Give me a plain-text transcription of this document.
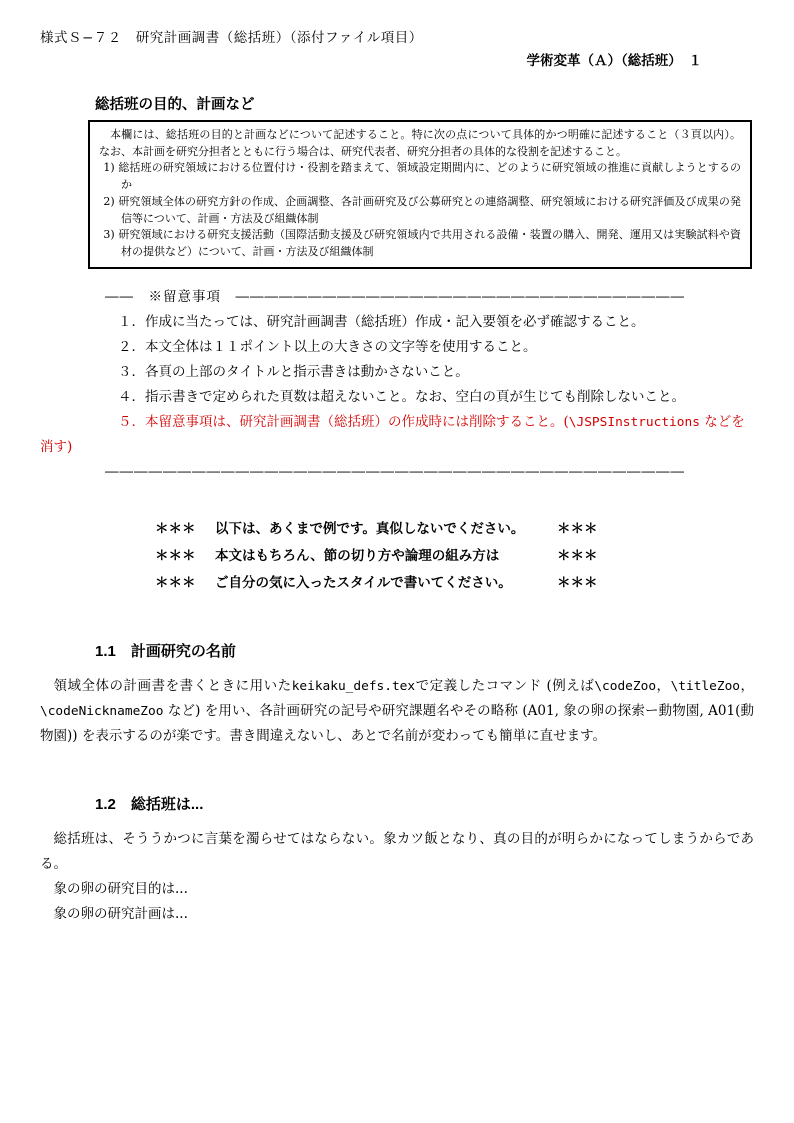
様式Ｓ−７２　研究計画調書（総括班）（添付ファイル項目）
学術変革（Ａ）（総括班）　１
総括班の目的、計画など

本欄には、総括班の目的と計画などについて記述すること。特に次の点について具体的かつ明確に記述すること（３頁以内）。なお、本計画を研究分担者とともに行う場合は、研究代表者、研究分担者の具体的な役割を記述すること。

1) 総括班の研究領域における位置付け・役割を踏まえて、領域設定期間内に、どのように研究領域の推進に貢献しようとするのか

2) 研究領域全体の研究方針の作成、企画調整、各計画研究及び公募研究との連絡調整、研究領域における研究評価及び成果の発信等について、計画・方法及び組織体制

3) 研究領域における研究支援活動（国際活動支援及び研究領域内で共用される設備・装置の購入、開発、運用又は実験試料や資材の提供など）について、計画・方法及び組織体制

――　※留意事項　―――――――――――――――――――――――――――――――
１．作成に当たっては、研究計画調書（総括班）作成・記入要領を必ず確認すること。
２．本文全体は１１ポイント以上の大きさの文字等を使用すること。
３．各頁の上部のタイトルと指示書きは動かさないこと。
４．指示書きで定められた頁数は超えないこと。なお、空白の頁が生じても削除しないこと。
５．本留意事項は、研究計画調書（総括班）の作成時には削除すること。(\JSPSInstructions などを消す)
――――――――――――――――――――――――――――――――――――――――
＊＊＊	以下は、あくまで例です。真似しないでください。	＊＊＊
＊＊＊	本文はもちろん、節の切り方や論理の組み方は	＊＊＊
＊＊＊	ご自分の気に入ったスタイルで書いてください。	＊＊＊
1.1　計画研究の名前

領域全体の計画書を書くときに用いたkeikaku_defs.texで定義したコマンド (例えば\codeZoo，\titleZoo， \codeNicknameZoo など) を用い、各計画研究の記号や研究課題名やその略称 (A01, 象の卵の探索ー動物園, A01(動物園)) を表示するのが楽です。書き間違えないし、あとで名前が変わっても簡単に直せます。

1.2　総括班は...

総括班は、そううかつに言葉を濁らせてはならない。象カツ飯となり、真の目的が明らかになってしまうからである。

象の卵の研究目的は...

象の卵の研究計画は...
